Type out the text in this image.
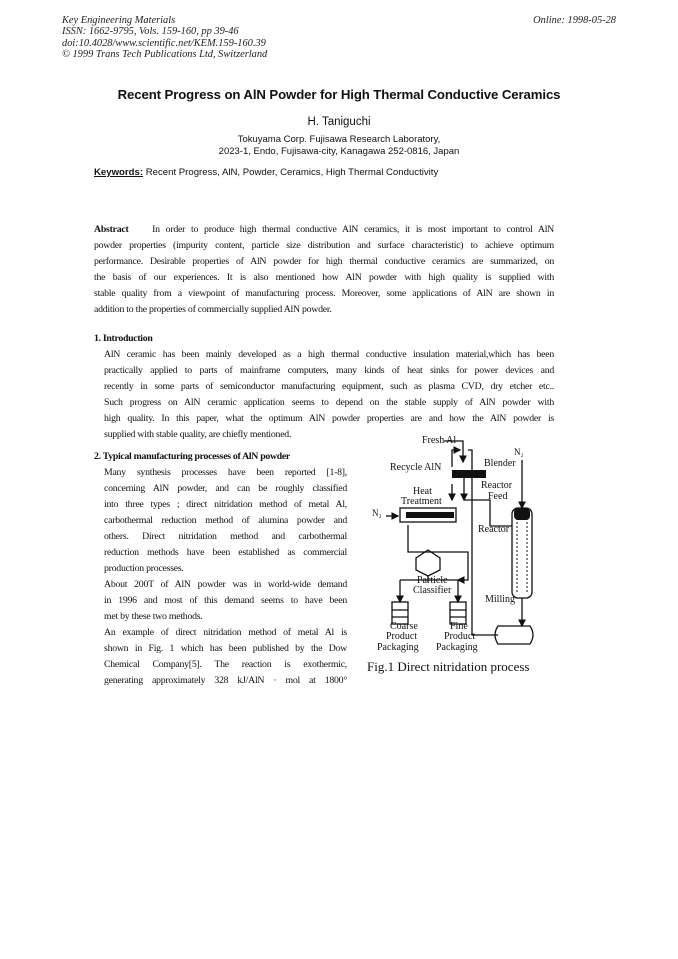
Key Engineering Materials
ISSN: 1662-9795, Vols. 159-160, pp 39-46
doi:10.4028/www.scientific.net/KEM.159-160.39
© 1999 Trans Tech Publications Ltd, Switzerland
Online: 1998-05-28
Recent Progress on AlN Powder for High Thermal Conductive Ceramics
H. Taniguchi
Tokuyama Corp. Fujisawa Research Laboratory,
2023-1, Endo, Fujisawa-city, Kanagawa 252-0816, Japan
Keywords: Recent Progress, AlN, Powder, Ceramics, High Thermal Conductivity
Abstract In order to produce high thermal conductive AlN ceramics, it is most important to control AlN
powder properties (impurity content, particle size distribution and surface characteristic) to achieve optimum
performance. Desirable properties of AlN powder for high thermal conductive ceramics are summarized, on
the basis of our experiences. It is also mentioned how AlN powder with high quality is supplied with
stable quality from a viewpoint of manufacturing process. Moreover, some applications of AlN are shown in
addition to the properties of commercially supplied AlN powder.
1. Introduction
AlN ceramic has been mainly developed as a high thermal conductive insulation material,which has been
practically applied to parts of mainframe computers, many kinds of heat sinks for power devices and
recently in some parts of semiconductor manufacturing equipment, such as plasma CVD, dry etcher etc..
Such progress on AlN ceramic application seems to depend on the stable supply of AlN powder with
high quality. In this paper, what the optimum AlN powder properties are and how the AlN powder is
supplied with stable quality, are chiefly mentioned.
2. Typical manufacturing processes of AlN powder
Many synthesis processes have been reported [1-8],
concerning AlN powder, and can be roughly classified
into three types ; direct nitridation method of metal Al,
carbothermal reduction method of alumina powder and
others. Direct nitridation method and carbothermal
reduction methods have been established as commercial
production processes.
About 200T of AlN powder was in world-wide demand
in 1996 and most of this demand seems to have been
met by these two methods.
An example of direct nitridation method of metal Al is
shown in Fig. 1 which has been published by the Dow
Chemical Company[5]. The reaction is exothermic,
generating approximately 328 kJ/AlN · mol at 1800°
Fresh Al
Recycle AlN
N₂
Blender
Reactor
Feed
Heat
Treatment
N₂
Reactor
Particle
Classifier
Milling
Coarse
Product
Packaging
Fine
Product
Packaging
Fig.1 Direct nitridation process
